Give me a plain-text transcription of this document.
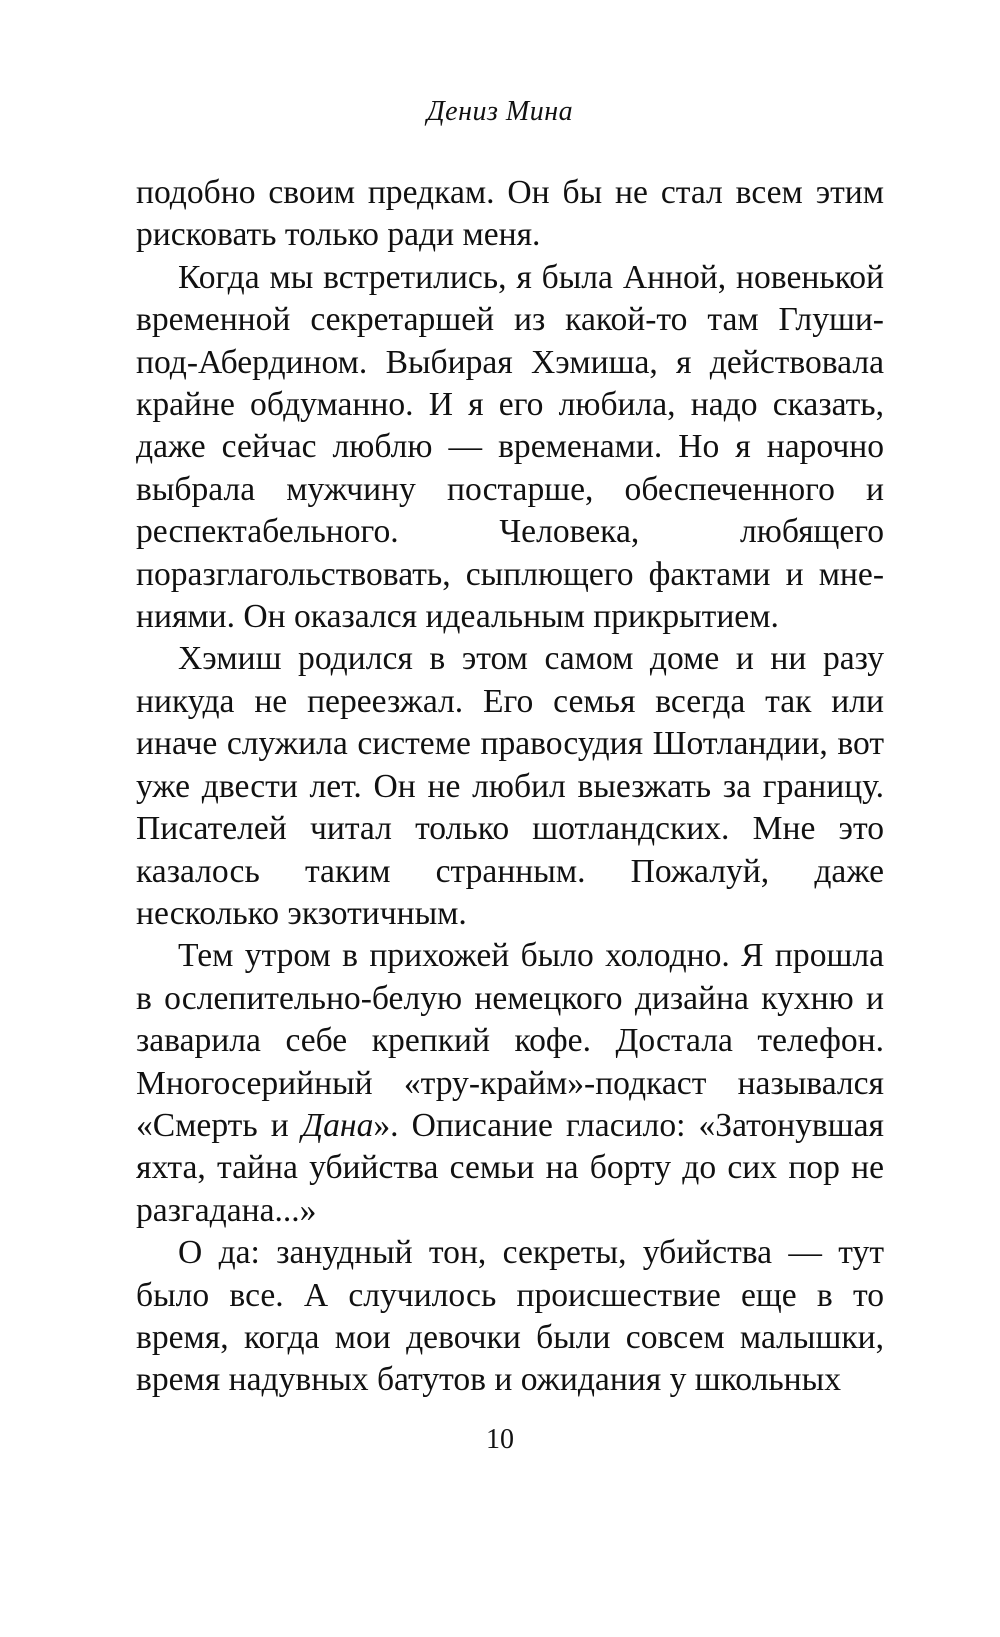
Дениз Мина

подобно своим предкам. Он бы не стал всем этим рисковать только ради меня.

Когда мы встретились, я была Анной, новенькой временной секретаршей из какой-то там Глуши-под-Абердином. Выбирая Хэмиша, я действовала крайне обдуманно. И я его любила, надо сказать, даже сейчас люблю — временами. Но я нарочно выбрала мужчину постарше, обеспеченного и респектабельного. Человека, любящего поразглагольствовать, сыплющего фактами и мнениями. Он оказался идеальным прикрытием.

Хэмиш родился в этом самом доме и ни разу никуда не переезжал. Его семья всегда так или иначе служила системе правосудия Шотландии, вот уже двести лет. Он не любил выезжать за границу. Писателей читал только шотландских. Мне это казалось таким странным. Пожалуй, даже несколько экзотичным.

Тем утром в прихожей было холодно. Я прошла в ослепительно-белую немецкого дизайна кухню и заварила себе крепкий кофе. Достала телефон. Многосерийный «тру-крайм»-подкаст назывался «Смерть и Дана». Описание гласило: «Затонувшая яхта, тайна убийства семьи на борту до сих пор не разгадана...»

О да: занудный тон, секреты, убийства — тут было все. А случилось происшествие еще в то время, когда мои девочки были совсем малышки, время надувных батутов и ожидания у школьных

10
